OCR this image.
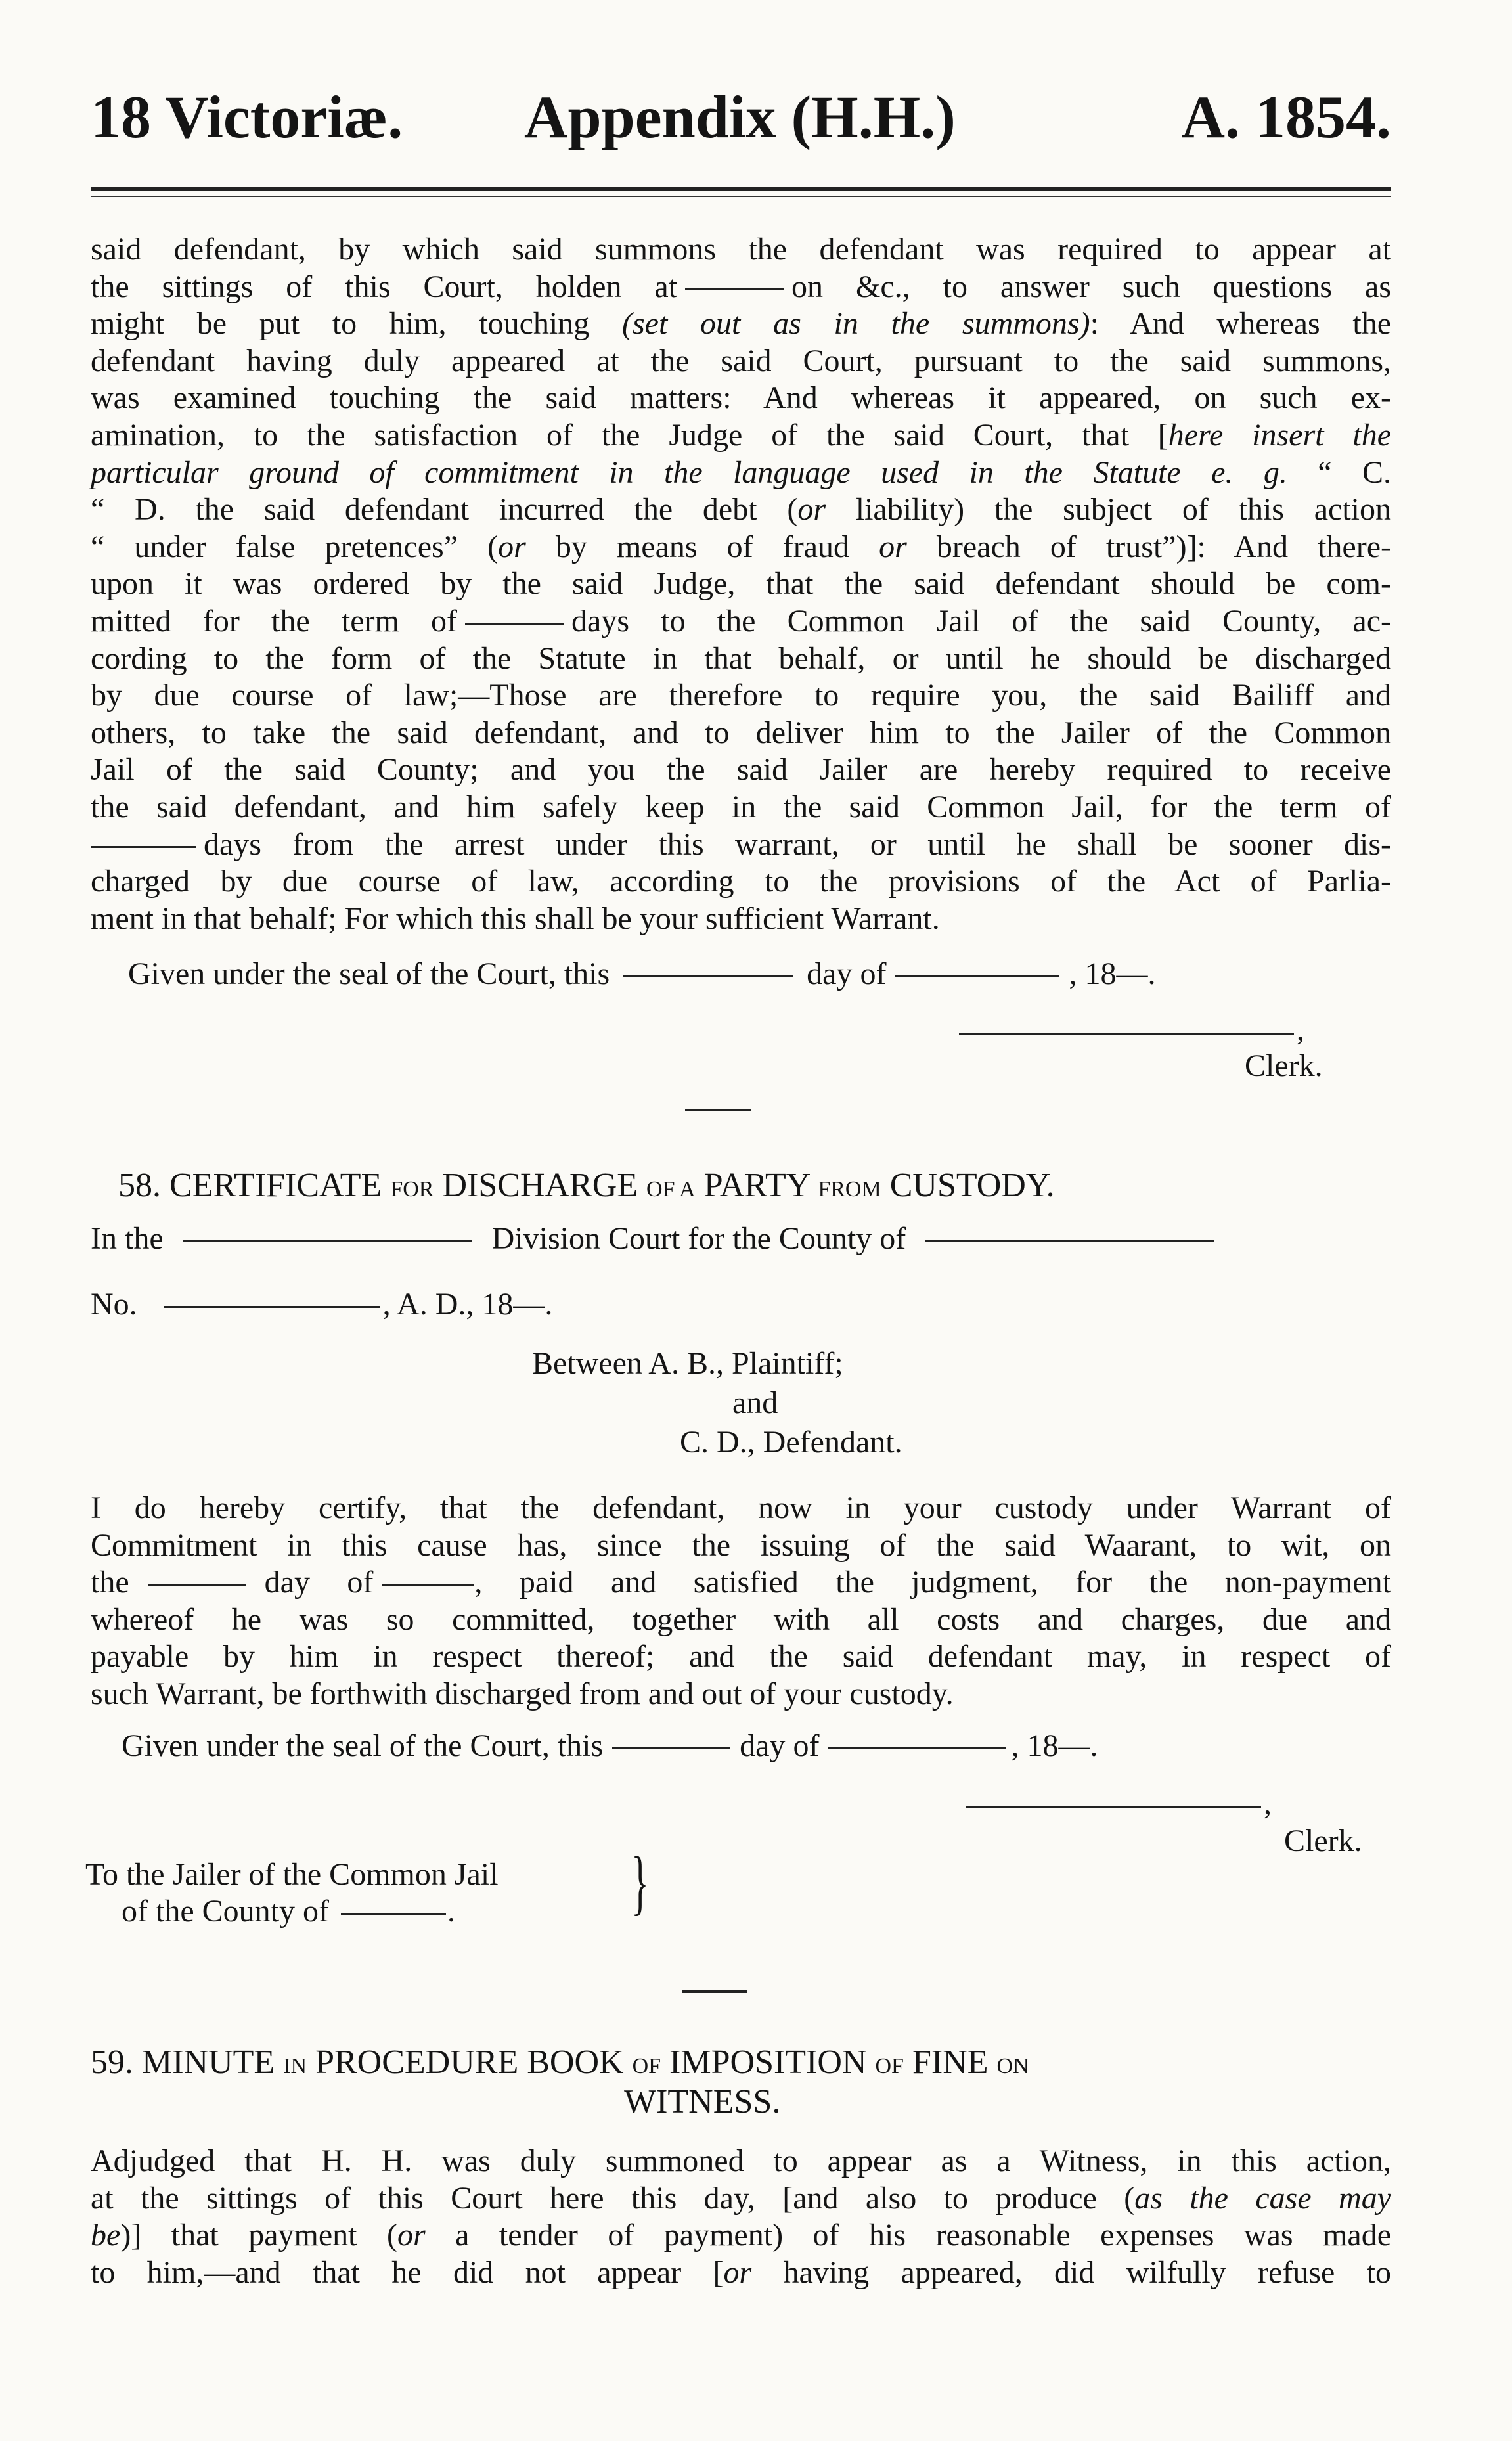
18 Victoriæ. Appendix (H.H.)	A. 1854.
said defendant, by which said summons the defendant was required to appear at
the sittings of this Court, holden at	on &c., to answer such questions as
might be put to him, touching (set out as in the summons): And whereas the
defendant having duly appeared at the said Court, pursuant to the said summons,
was examined touching the said matters: And whereas it appeared, on such ex-
amination, to the satisfaction of the Judge of the said Court, that [here insert the
particular ground of commitment in the language used in the Statute e. g. “ C.
“ D. the said defendant incurred the debt (or liability) the subject of this action
“ under false pretences” (or by means of fraud or breach of trust”)]: And there-
upon it was ordered by the said Judge, that the said defendant should be com-
mitted for the term of	days to the Common Jail of the said County, ac-
cording to the form of the Statute in that behalf, or until he should be discharged
by due course of law;—Those are therefore to require you, the said Bailiff and
others, to take the said defendant, and to deliver him to the Jailer of the Common
Jail of the said County; and you the said Jailer are hereby required to receive
the said defendant, and him safely keep in the said Common Jail, for the term of
days from the arrest under this warrant, or until he shall be sooner dis-
charged by due course of law, according to the provisions of the Act of Parlia-
ment in that behalf; For which this shall be your sufficient Warrant.
Given under the seal of the Court, this	day of	, 18—.
,
Clerk.
58. CERTIFICATE FOR DISCHARGE OF A PARTY FROM CUSTODY.
In the	Division Court for the County of
No.	, A. D., 18—.
Between A. B., Plaintiff;
and
C. D., Defendant.
I do hereby certify, that the defendant, now in your custody under Warrant of
Commitment in this cause has, since the issuing of the said Waarant, to wit, on
the	day of	, paid and satisfied the judgment, for the non-payment
whereof he was so committed, together with all costs and charges, due and
payable by him in respect thereof; and the said defendant may, in respect of
such Warrant, be forthwith discharged from and out of your custody.
Given under the seal of the Court, this	day of	, 18—.
,
Clerk.
To the Jailer of the Common Jail
of the County of	. }
59. MINUTE IN PROCEDURE BOOK OF IMPOSITION OF FINE ON
WITNESS.
Adjudged that H. H. was duly summoned to appear as a Witness, in this action,
at the sittings of this Court here this day, [and also to produce (as the case may
be)] that payment (or a tender of payment) of his reasonable expenses was made
to him,—and that he did not appear [or having appeared, did wilfully refuse to
